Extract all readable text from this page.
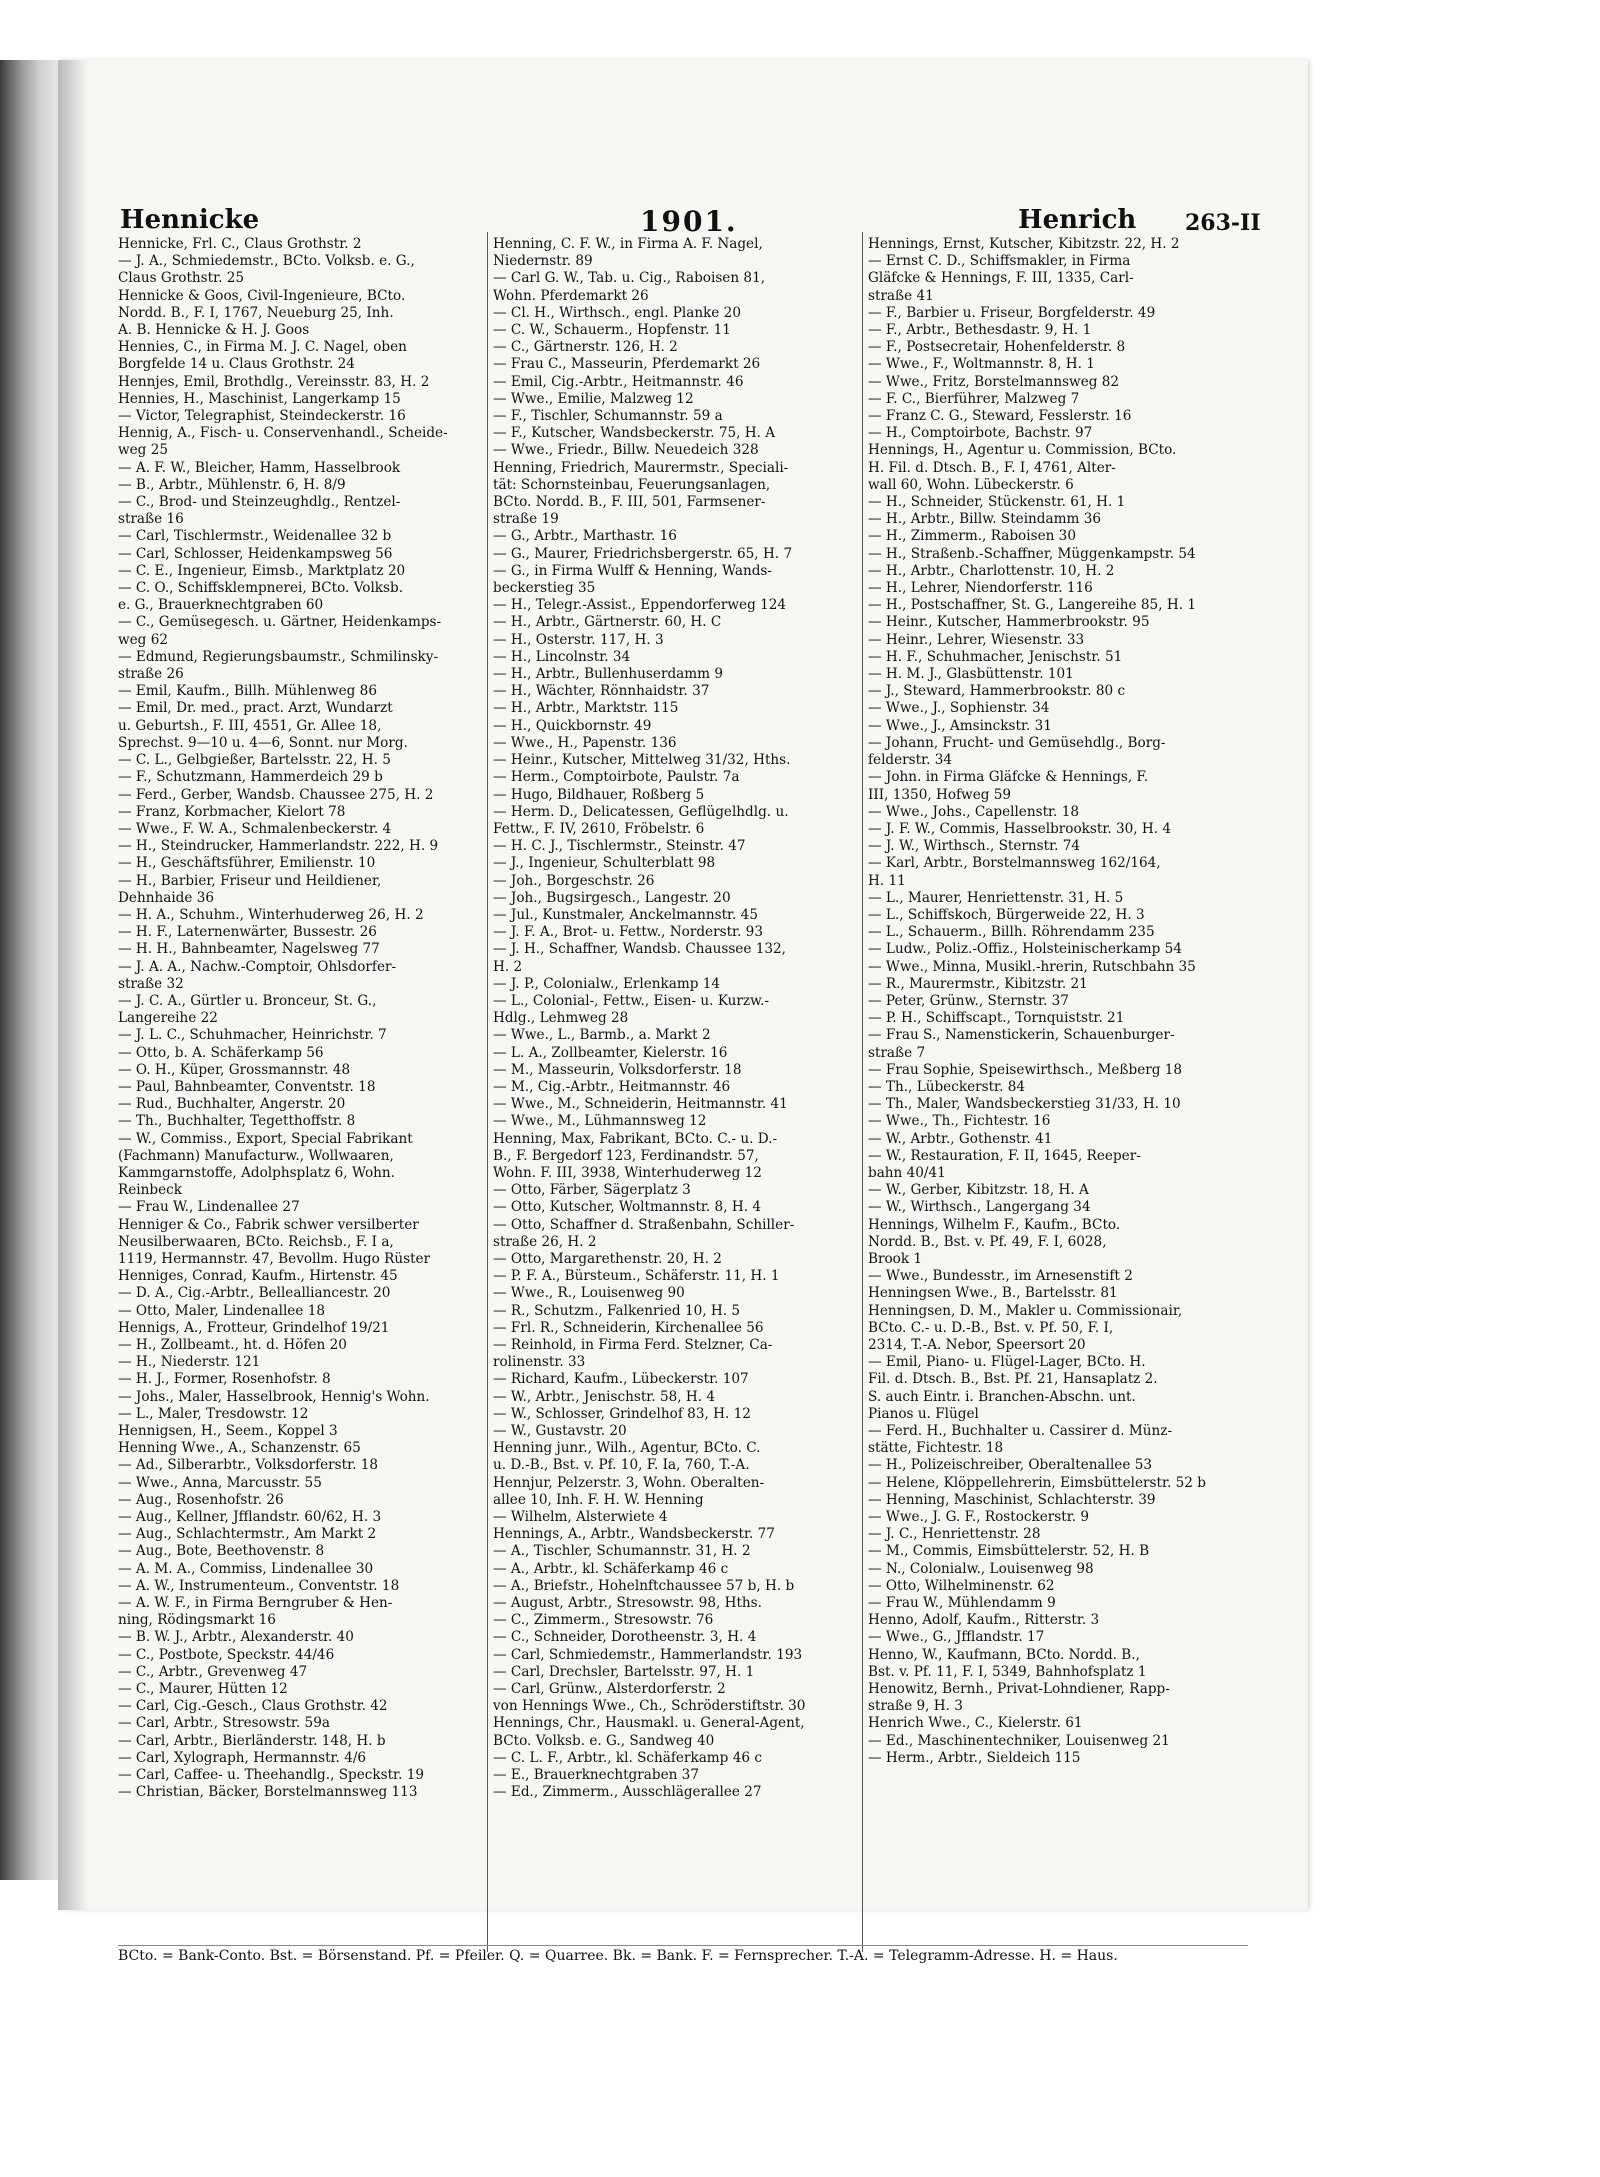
Hennicke	1901.	Henrich 263-II
Hennicke, Frl. C., Claus Grothstr. 2
— J. A., Schmiedemstr., BCto. Volksb. e. G.,
Claus Grothstr. 25
Hennicke & Goos, Civil-Ingenieure, BCto.
Nordd. B., F. I, 1767, Neueburg 25, Inh.
A. B. Hennicke & H. J. Goos
Hennies, C., in Firma M. J. C. Nagel, oben
Borgfelde 14 u. Claus Grothstr. 24
Hennjes, Emil, Brothdlg., Vereinsstr. 83, H. 2
Hennies, H., Maschinist, Langerkamp 15
— Victor, Telegraphist, Steindeckerstr. 16
Hennig, A., Fisch- u. Conservenhandl., Scheide-
weg 25
— A. F. W., Bleicher, Hamm, Hasselbrook
— B., Arbtr., Mühlenstr. 6, H. 8/9
— C., Brod- und Steinzeughdlg., Rentzel-
straße 16
— Carl, Tischlermstr., Weidenallee 32 b
— Carl, Schlosser, Heidenkampsweg 56
— C. E., Ingenieur, Eimsb., Marktplatz 20
— C. O., Schiffsklempnerei, BCto. Volksb.
e. G., Brauerknechtgraben 60
— C., Gemüsegesch. u. Gärtner, Heidenkamps-
weg 62
— Edmund, Regierungsbaumstr., Schmilinsky-
straße 26
— Emil, Kaufm., Billh. Mühlenweg 86
— Emil, Dr. med., pract. Arzt, Wundarzt
u. Geburtsh., F. III, 4551, Gr. Allee 18,
Sprechst. 9—10 u. 4—6, Sonnt. nur Morg.
— C. L., Gelbgießer, Bartelsstr. 22, H. 5
— F., Schutzmann, Hammerdeich 29 b
— Ferd., Gerber, Wandsb. Chaussee 275, H. 2
— Franz, Korbmacher, Kielort 78
— Wwe., F. W. A., Schmalenbeckerstr. 4
— H., Steindrucker, Hammerlandstr. 222, H. 9
— H., Geschäftsführer, Emilienstr. 10
— H., Barbier, Friseur und Heildiener,
Dehnhaide 36
— H. A., Schuhm., Winterhuderweg 26, H. 2
— H. F., Laternenwärter, Bussestr. 26
— H. H., Bahnbeamter, Nagelsweg 77
— J. A. A., Nachw.-Comptoir, Ohlsdorfer-
straße 32
— J. C. A., Gürtler u. Bronceur, St. G.,
Langereihe 22
— J. L. C., Schuhmacher, Heinrichstr. 7
— Otto, b. A. Schäferkamp 56
— O. H., Küper, Grossmannstr. 48
— Paul, Bahnbeamter, Conventstr. 18
— Rud., Buchhalter, Angerstr. 20
— Th., Buchhalter, Tegetthoffstr. 8
— W., Commiss., Export, Special Fabrikant
(Fachmann) Manufacturw., Wollwaaren,
Kammgarnstoffe, Adolphsplatz 6, Wohn.
Reinbeck
— Frau W., Lindenallee 27
Henniger & Co., Fabrik schwer versilberter
Neusilberwaaren, BCto. Reichsb., F. I a,
1119, Hermannstr. 47, Bevollm. Hugo Rüster
Henniges, Conrad, Kaufm., Hirtenstr. 45
— D. A., Cig.-Arbtr., Bellealliancestr. 20
— Otto, Maler, Lindenallee 18
Hennigs, A., Frotteur, Grindelhof 19/21
— H., Zollbeamt., ht. d. Höfen 20
— H., Niederstr. 121
— H. J., Former, Rosenhofstr. 8
— Johs., Maler, Hasselbrook, Hennig's Wohn.
— L., Maler, Tresdowstr. 12
Hennigsen, H., Seem., Koppel 3
Henning Wwe., A., Schanzenstr. 65
— Ad., Silberarbtr., Volksdorferstr. 18
— Wwe., Anna, Marcusstr. 55
— Aug., Rosenhofstr. 26
— Aug., Kellner, Jfflandstr. 60/62, H. 3
— Aug., Schlachtermstr., Am Markt 2
— Aug., Bote, Beethovenstr. 8
— A. M. A., Commiss, Lindenallee 30
— A. W., Instrumenteum., Conventstr. 18
— A. W. F., in Firma Berngruber & Hen-
ning, Rödingsmarkt 16
— B. W. J., Arbtr., Alexanderstr. 40
— C., Postbote, Speckstr. 44/46
— C., Arbtr., Grevenweg 47
— C., Maurer, Hütten 12
— Carl, Cig.-Gesch., Claus Grothstr. 42
— Carl, Arbtr., Stresowstr. 59a
— Carl, Arbtr., Bierländerstr. 148, H. b
— Carl, Xylograph, Hermannstr. 4/6
— Carl, Caffee- u. Theehandlg., Speckstr. 19
— Christian, Bäcker, Borstelmannsweg 113
Henning, C. F. W., in Firma A. F. Nagel,
Niedernstr. 89
— Carl G. W., Tab. u. Cig., Raboisen 81,
Wohn. Pferdemarkt 26
— Cl. H., Wirthsch., engl. Planke 20
— C. W., Schauerm., Hopfenstr. 11
— C., Gärtnerstr. 126, H. 2
— Frau C., Masseurin, Pferdemarkt 26
— Emil, Cig.-Arbtr., Heitmannstr. 46
— Wwe., Emilie, Malzweg 12
— F., Tischler, Schumannstr. 59 a
— F., Kutscher, Wandsbeckerstr. 75, H. A
— Wwe., Friedr., Billw. Neuedeich 328
Henning, Friedrich, Maurermstr., Speciali-
tät: Schornsteinbau, Feuerungsanlagen,
BCto. Nordd. B., F. III, 501, Farmsener-
straße 19
— G., Arbtr., Marthastr. 16
— G., Maurer, Friedrichsbergerstr. 65, H. 7
— G., in Firma Wulff & Henning, Wands-
beckerstieg 35
— H., Telegr.-Assist., Eppendorferweg 124
— H., Arbtr., Gärtnerstr. 60, H. C
— H., Osterstr. 117, H. 3
— H., Lincolnstr. 34
— H., Arbtr., Bullenhuserdamm 9
— H., Wächter, Rönnhaidstr. 37
— H., Arbtr., Marktstr. 115
— H., Quickbornstr. 49
— Wwe., H., Papenstr. 136
— Heinr., Kutscher, Mittelweg 31/32, Hths.
— Herm., Comptoirbote, Paulstr. 7a
— Hugo, Bildhauer, Roßberg 5
— Herm. D., Delicatessen, Geflügelhdlg. u.
Fettw., F. IV, 2610, Fröbelstr. 6
— H. C. J., Tischlermstr., Steinstr. 47
— J., Ingenieur, Schulterblatt 98
— Joh., Borgeschstr. 26
— Joh., Bugsirgesch., Langestr. 20
— Jul., Kunstmaler, Anckelmannstr. 45
— J. F. A., Brot- u. Fettw., Norderstr. 93
— J. H., Schaffner, Wandsb. Chaussee 132,
H. 2
— J. P., Colonialw., Erlenkamp 14
— L., Colonial-, Fettw., Eisen- u. Kurzw.-
Hdlg., Lehmweg 28
— Wwe., L., Barmb., a. Markt 2
— L. A., Zollbeamter, Kielerstr. 16
— M., Masseurin, Volksdorferstr. 18
— M., Cig.-Arbtr., Heitmannstr. 46
— Wwe., M., Schneiderin, Heitmannstr. 41
— Wwe., M., Lühmannsweg 12
Henning, Max, Fabrikant, BCto. C.- u. D.-
B., F. Bergedorf 123, Ferdinandstr. 57,
Wohn. F. III, 3938, Winterhuderweg 12
— Otto, Färber, Sägerplatz 3
— Otto, Kutscher, Woltmannstr. 8, H. 4
— Otto, Schaffner d. Straßenbahn, Schiller-
straße 26, H. 2
— Otto, Margarethenstr. 20, H. 2
— P. F. A., Bürsteum., Schäferstr. 11, H. 1
— Wwe., R., Louisenweg 90
— R., Schutzm., Falkenried 10, H. 5
— Frl. R., Schneiderin, Kirchenallee 56
— Reinhold, in Firma Ferd. Stelzner, Ca-
rolinenstr. 33
— Richard, Kaufm., Lübeckerstr. 107
— W., Arbtr., Jenischstr. 58, H. 4
— W., Schlosser, Grindelhof 83, H. 12
— W., Gustavstr. 20
Henning junr., Wilh., Agentur, BCto. C.
u. D.-B., Bst. v. Pf. 10, F. Ia, 760, T.-A.
Hennjur, Pelzerstr. 3, Wohn. Oberalten-
allee 10, Inh. F. H. W. Henning
— Wilhelm, Alsterwiete 4
Hennings, A., Arbtr., Wandsbeckerstr. 77
— A., Tischler, Schumannstr. 31, H. 2
— A., Arbtr., kl. Schäferkamp 46 c
— A., Briefstr., Hohelnftchaussee 57 b, H. b
— August, Arbtr., Stresowstr. 98, Hths.
— C., Zimmerm., Stresowstr. 76
— C., Schneider, Dorotheenstr. 3, H. 4
— Carl, Schmiedemstr., Hammerlandstr. 193
— Carl, Drechsler, Bartelsstr. 97, H. 1
— Carl, Grünw., Alsterdorferstr. 2
von Hennings Wwe., Ch., Schröderstiftstr. 30
Hennings, Chr., Hausmakl. u. General-Agent,
BCto. Volksb. e. G., Sandweg 40
— C. L. F., Arbtr., kl. Schäferkamp 46 c
— E., Brauerknechtgraben 37
— Ed., Zimmerm., Ausschlägerallee 27
Hennings, Ernst, Kutscher, Kibitzstr. 22, H. 2
— Ernst C. D., Schiffsmakler, in Firma
Gläfcke & Hennings, F. III, 1335, Carl-
straße 41
— F., Barbier u. Friseur, Borgfelderstr. 49
— F., Arbtr., Bethesdastr. 9, H. 1
— F., Postsecretair, Hohenfelderstr. 8
— Wwe., F., Woltmannstr. 8, H. 1
— Wwe., Fritz, Borstelmannsweg 82
— F. C., Bierführer, Malzweg 7
— Franz C. G., Steward, Fesslerstr. 16
— H., Comptoirbote, Bachstr. 97
Hennings, H., Agentur u. Commission, BCto.
H. Fil. d. Dtsch. B., F. I, 4761, Alter-
wall 60, Wohn. Lübeckerstr. 6
— H., Schneider, Stückenstr. 61, H. 1
— H., Arbtr., Billw. Steindamm 36
— H., Zimmerm., Raboisen 30
— H., Straßenb.-Schaffner, Müggenkampstr. 54
— H., Arbtr., Charlottenstr. 10, H. 2
— H., Lehrer, Niendorferstr. 116
— H., Postschaffner, St. G., Langereihe 85, H. 1
— Heinr., Kutscher, Hammerbrookstr. 95
— Heinr., Lehrer, Wiesenstr. 33
— H. F., Schuhmacher, Jenischstr. 51
— H. M. J., Glasbüttenstr. 101
— J., Steward, Hammerbrookstr. 80 c
— Wwe., J., Sophienstr. 34
— Wwe., J., Amsinckstr. 31
— Johann, Frucht- und Gemüsehdlg., Borg-
felderstr. 34
— John. in Firma Gläfcke & Hennings, F.
III, 1350, Hofweg 59
— Wwe., Johs., Capellenstr. 18
— J. F. W., Commis, Hasselbrookstr. 30, H. 4
— J. W., Wirthsch., Sternstr. 74
— Karl, Arbtr., Borstelmannsweg 162/164,
H. 11
— L., Maurer, Henriettenstr. 31, H. 5
— L., Schiffskoch, Bürgerweide 22, H. 3
— L., Schauerm., Billh. Röhrendamm 235
— Ludw., Poliz.-Offiz., Holsteinischerkamp 54
— Wwe., Minna, Musikl.-hrerin, Rutschbahn 35
— R., Maurermstr., Kibitzstr. 21
— Peter, Grünw., Sternstr. 37
— P. H., Schiffscapt., Tornquiststr. 21
— Frau S., Namenstickerin, Schauenburger-
straße 7
— Frau Sophie, Speisewirthsch., Meßberg 18
— Th., Lübeckerstr. 84
— Th., Maler, Wandsbeckerstieg 31/33, H. 10
— Wwe., Th., Fichtestr. 16
— W., Arbtr., Gothenstr. 41
— W., Restauration, F. II, 1645, Reeper-
bahn 40/41
— W., Gerber, Kibitzstr. 18, H. A
— W., Wirthsch., Langergang 34
Hennings, Wilhelm F., Kaufm., BCto.
Nordd. B., Bst. v. Pf. 49, F. I, 6028,
Brook 1
— Wwe., Bundesstr., im Arnesenstift 2
Henningsen Wwe., B., Bartelsstr. 81
Henningsen, D. M., Makler u. Commissionair,
BCto. C.- u. D.-B., Bst. v. Pf. 50, F. I,
2314, T.-A. Nebor, Speersort 20
— Emil, Piano- u. Flügel-Lager, BCto. H.
Fil. d. Dtsch. B., Bst. Pf. 21, Hansaplatz 2.
S. auch Eintr. i. Branchen-Abschn. unt.
Pianos u. Flügel
— Ferd. H., Buchhalter u. Cassirer d. Münz-
stätte, Fichtestr. 18
— H., Polizeischreiber, Oberaltenallee 53
— Helene, Klöppellehrerin, Eimsbüttelerstr. 52 b
— Henning, Maschinist, Schlachterstr. 39
— Wwe., J. G. F., Rostockerstr. 9
— J. C., Henriettenstr. 28
— M., Commis, Eimsbüttelerstr. 52, H. B
— N., Colonialw., Louisenweg 98
— Otto, Wilhelminenstr. 62
— Frau W., Mühlendamm 9
Henno, Adolf, Kaufm., Ritterstr. 3
— Wwe., G., Jfflandstr. 17
Henno, W., Kaufmann, BCto. Nordd. B.,
Bst. v. Pf. 11, F. I, 5349, Bahnhofsplatz 1
Henowitz, Bernh., Privat-Lohndiener, Rapp-
straße 9, H. 3
Henrich Wwe., C., Kielerstr. 61
— Ed., Maschinentechniker, Louisenweg 21
— Herm., Arbtr., Sieldeich 115
BCto. = Bank-Conto. Bst. = Börsenstand. Pf. = Pfeiler. Q. = Quarree. Bk. = Bank. F. = Fernsprecher. T.-A. = Telegramm-Adresse. H. = Haus.
